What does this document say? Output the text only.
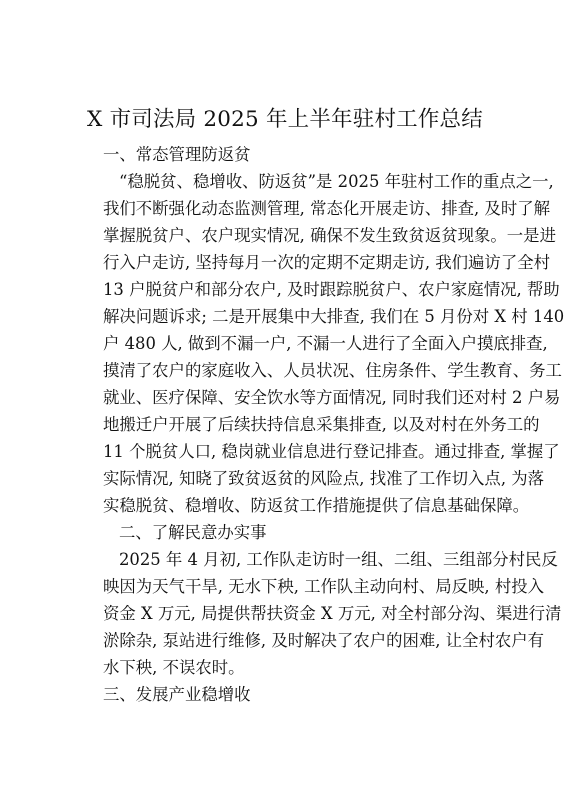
X 市司法局 2025 年上半年驻村工作总结
一、常态管理防返贫
“稳脱贫、稳增收、防返贫”是 2025 年驻村工作的重点之一,
我们不断强化动态监测管理, 常态化开展走访、排查, 及时了解
掌握脱贫户、农户现实情况, 确保不发生致贫返贫现象。一是进
行入户走访, 坚持每月一次的定期不定期走访, 我们遍访了全村
13 户脱贫户和部分农户, 及时跟踪脱贫户、农户家庭情况, 帮助
解决问题诉求; 二是开展集中大排查, 我们在 5 月份对 X 村 140
户 480 人, 做到不漏一户, 不漏一人进行了全面入户摸底排查,
摸清了农户的家庭收入、人员状况、住房条件、学生教育、务工
就业、医疗保障、安全饮水等方面情况, 同时我们还对村 2 户易
地搬迁户开展了后续扶持信息采集排查, 以及对村在外务工的
11 个脱贫人口, 稳岗就业信息进行登记排查。通过排查, 掌握了
实际情况, 知晓了致贫返贫的风险点, 找准了工作切入点, 为落
实稳脱贫、稳增收、防返贫工作措施提供了信息基础保障。
二、了解民意办实事
2025 年 4 月初, 工作队走访时一组、二组、三组部分村民反
映因为天气干旱, 无水下秧, 工作队主动向村、局反映, 村投入
资金 X 万元, 局提供帮扶资金 X 万元, 对全村部分沟、渠进行清
淤除杂, 泵站进行维修, 及时解决了农户的困难, 让全村农户有
水下秧, 不误农时。
三、发展产业稳增收
